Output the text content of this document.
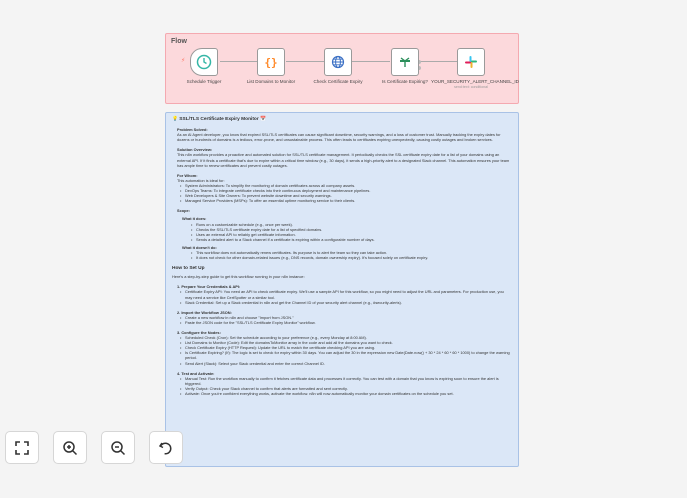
Flow
⚡
Schedule Trigger
{}
List Domains to Monitor	Check Certificate Expiry	Is Certificate Expiring? YOUR_SECURITY_ALERT_CHANNEL_ID
send:text: conditional
💡 SSL/TLS Certificate Expiry Monitor 📅
Problem Solved:

As an AI Agent developer, you know that expired SSL/TLS certificates can cause significant downtime, security warnings, and a loss of customer trust. Manually tracking the expiry dates for dozens or hundreds of domains is a tedious, error-prone, and unsustainable process. This often leads to certificates expiring unexpectedly, causing costly outages and broken services.

Solution Overview:

This n8n workflow provides a proactive and automated solution for SSL/TLS certificate management. It periodically checks the SSL certificate expiry date for a list of your domains using an external API. If it finds a certificate that's due to expire within a critical time window (e.g., 30 days), it sends a high-priority alert to a designated Slack channel. This automation ensures your team has ample time to renew certificates and prevent costly outages.

For Whom:

This automation is ideal for:

• System Administrators: To simplify the monitoring of domain certificates across all company assets.
• DevOps Teams: To integrate certificate checks into their continuous deployment and maintenance pipelines.
• Web Developers & Site Owners: To prevent website downtime and security warnings.
• Managed Service Providers (MSPs): To offer an essential uptime monitoring service to their clients.
Scope:
What it does:
• Runs on a customizable schedule (e.g., once per week).
• Checks the SSL/TLS certificate expiry date for a list of specified domains.
• Uses an external API to reliably get certificate information.
• Sends a detailed alert to a Slack channel if a certificate is expiring within a configurable number of days.
What it doesn't do:
• This workflow does not automatically renew certificates. Its purpose is to alert the team so they can take action.
• It does not check for other domain-related issues (e.g., DNS records, domain ownership expiry). It's focused solely on certificate expiry.
How to Set Up

Here's a step-by-step guide to get this workflow running in your n8n instance:

1. Prepare Your Credentials & API:
• Certificate Expiry API: You need an API to check certificate expiry. We'll use a sample API for this workflow, so you might need to adjust the URL and parameters. For production use, you may need a service like CertSpotter or a similar tool.
• Slack Credential: Set up a Slack credential in n8n and get the Channel ID of your security alert channel (e.g., #security-alerts).
2. Import the Workflow JSON:
• Create a new workflow in n8n and choose "Import from JSON."
• Paste the JSON code for the "SSL/TLS Certificate Expiry Monitor" workflow.
3. Configure the Nodes:
• Scheduled Check (Cron): Set the schedule according to your preference (e.g., every Monday at 8:00 AM).
• List Domains to Monitor (Code): Edit the domainsToMonitor array in the code and add all the domains you want to check.
• Check Certificate Expiry (HTTP Request): Update the URL to match the certificate checking API you are using.
• Is Certificate Expiring? (If): The logic is set to check for expiry within 30 days. You can adjust the 30 in the expression new Date(Date.now() + 30 * 24 * 60 * 60 * 1000) to change the warning period.
• Send Alert (Slack): Select your Slack credential and enter the correct Channel ID.
4. Test and Activate:
• Manual Test: Run the workflow manually to confirm it fetches certificate data and processes it correctly. You can test with a domain that you know is expiring soon to ensure the alert is triggered.
• Verify Output: Check your Slack channel to confirm that alerts are formatted and sent correctly.
• Activate: Once you're confident everything works, activate the workflow. n8n will now automatically monitor your domain certificates on the schedule you set.
